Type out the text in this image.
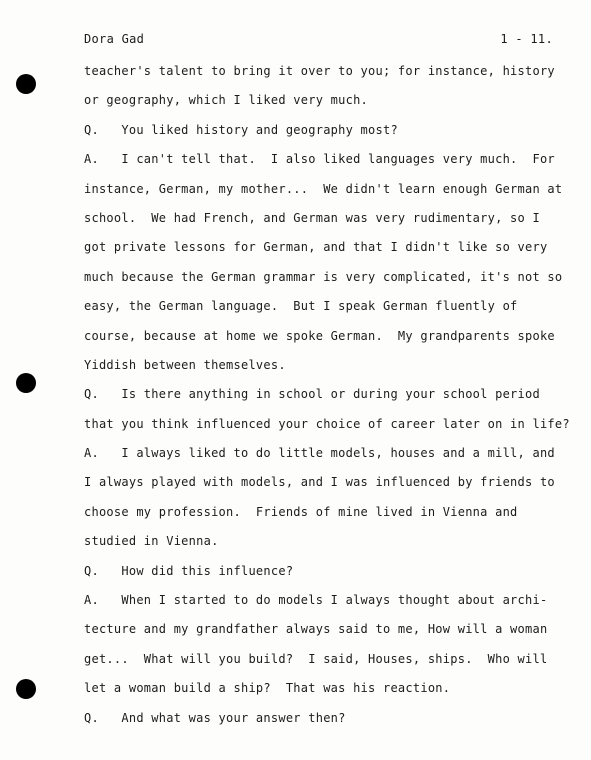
Dora Gad	1 - 11.
teacher's talent to bring it over to you; for instance, history
or geography, which I liked very much.
Q.   You liked history and geography most?
A.   I can't tell that.  I also liked languages very much.  For
instance, German, my mother...  We didn't learn enough German at
school.  We had French, and German was very rudimentary, so I
got private lessons for German, and that I didn't like so very
much because the German grammar is very complicated, it's not so
easy, the German language.  But I speak German fluently of
course, because at home we spoke German.  My grandparents spoke
Yiddish between themselves.
Q.   Is there anything in school or during your school period
that you think influenced your choice of career later on in life?
A.   I always liked to do little models, houses and a mill, and
I always played with models, and I was influenced by friends to
choose my profession.  Friends of mine lived in Vienna and
studied in Vienna.
Q.   How did this influence?
A.   When I started to do models I always thought about archi-
tecture and my grandfather always said to me, How will a woman
get...  What will you build?  I said, Houses, ships.  Who will
let a woman build a ship?  That was his reaction.
Q.   And what was your answer then?
